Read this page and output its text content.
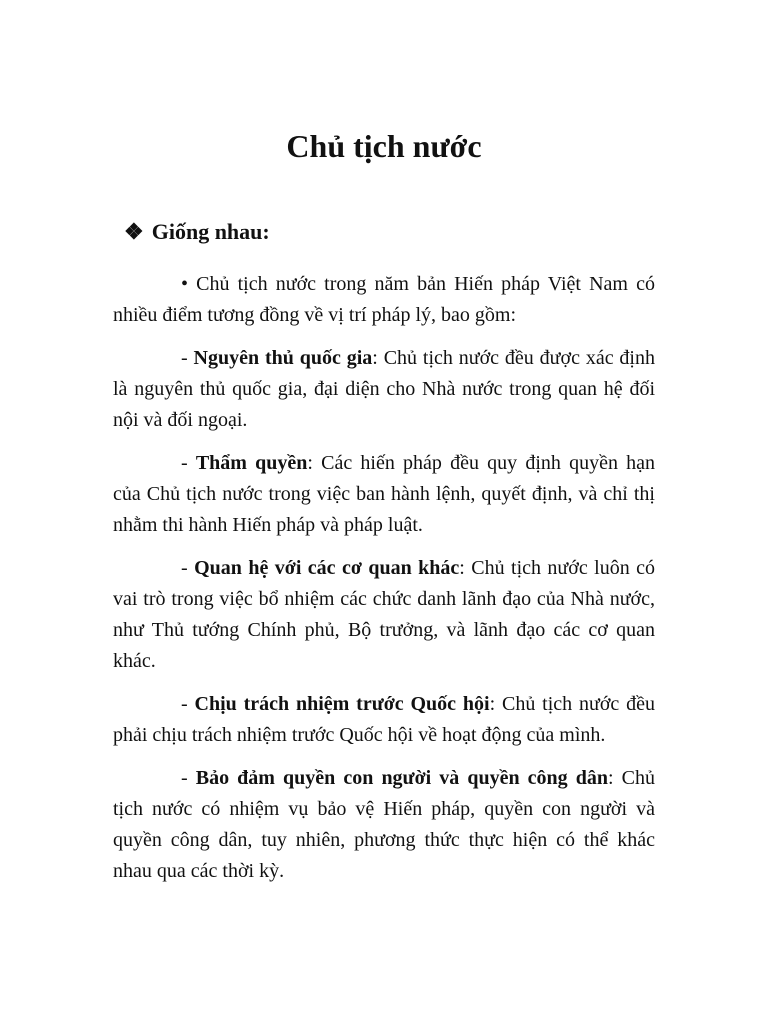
Chủ tịch nước
❖ Giống nhau:

• Chủ tịch nước trong năm bản Hiến pháp Việt Nam có nhiều điểm tương đồng về vị trí pháp lý, bao gồm:

- Nguyên thủ quốc gia: Chủ tịch nước đều được xác định là nguyên thủ quốc gia, đại diện cho Nhà nước trong quan hệ đối nội và đối ngoại.

- Thẩm quyền: Các hiến pháp đều quy định quyền hạn của Chủ tịch nước trong việc ban hành lệnh, quyết định, và chỉ thị nhằm thi hành Hiến pháp và pháp luật.

- Quan hệ với các cơ quan khác: Chủ tịch nước luôn có vai trò trong việc bổ nhiệm các chức danh lãnh đạo của Nhà nước, như Thủ tướng Chính phủ, Bộ trưởng, và lãnh đạo các cơ quan khác.

- Chịu trách nhiệm trước Quốc hội: Chủ tịch nước đều phải chịu trách nhiệm trước Quốc hội về hoạt động của mình.

- Bảo đảm quyền con người và quyền công dân: Chủ tịch nước có nhiệm vụ bảo vệ Hiến pháp, quyền con người và quyền công dân, tuy nhiên, phương thức thực hiện có thể khác nhau qua các thời kỳ.
